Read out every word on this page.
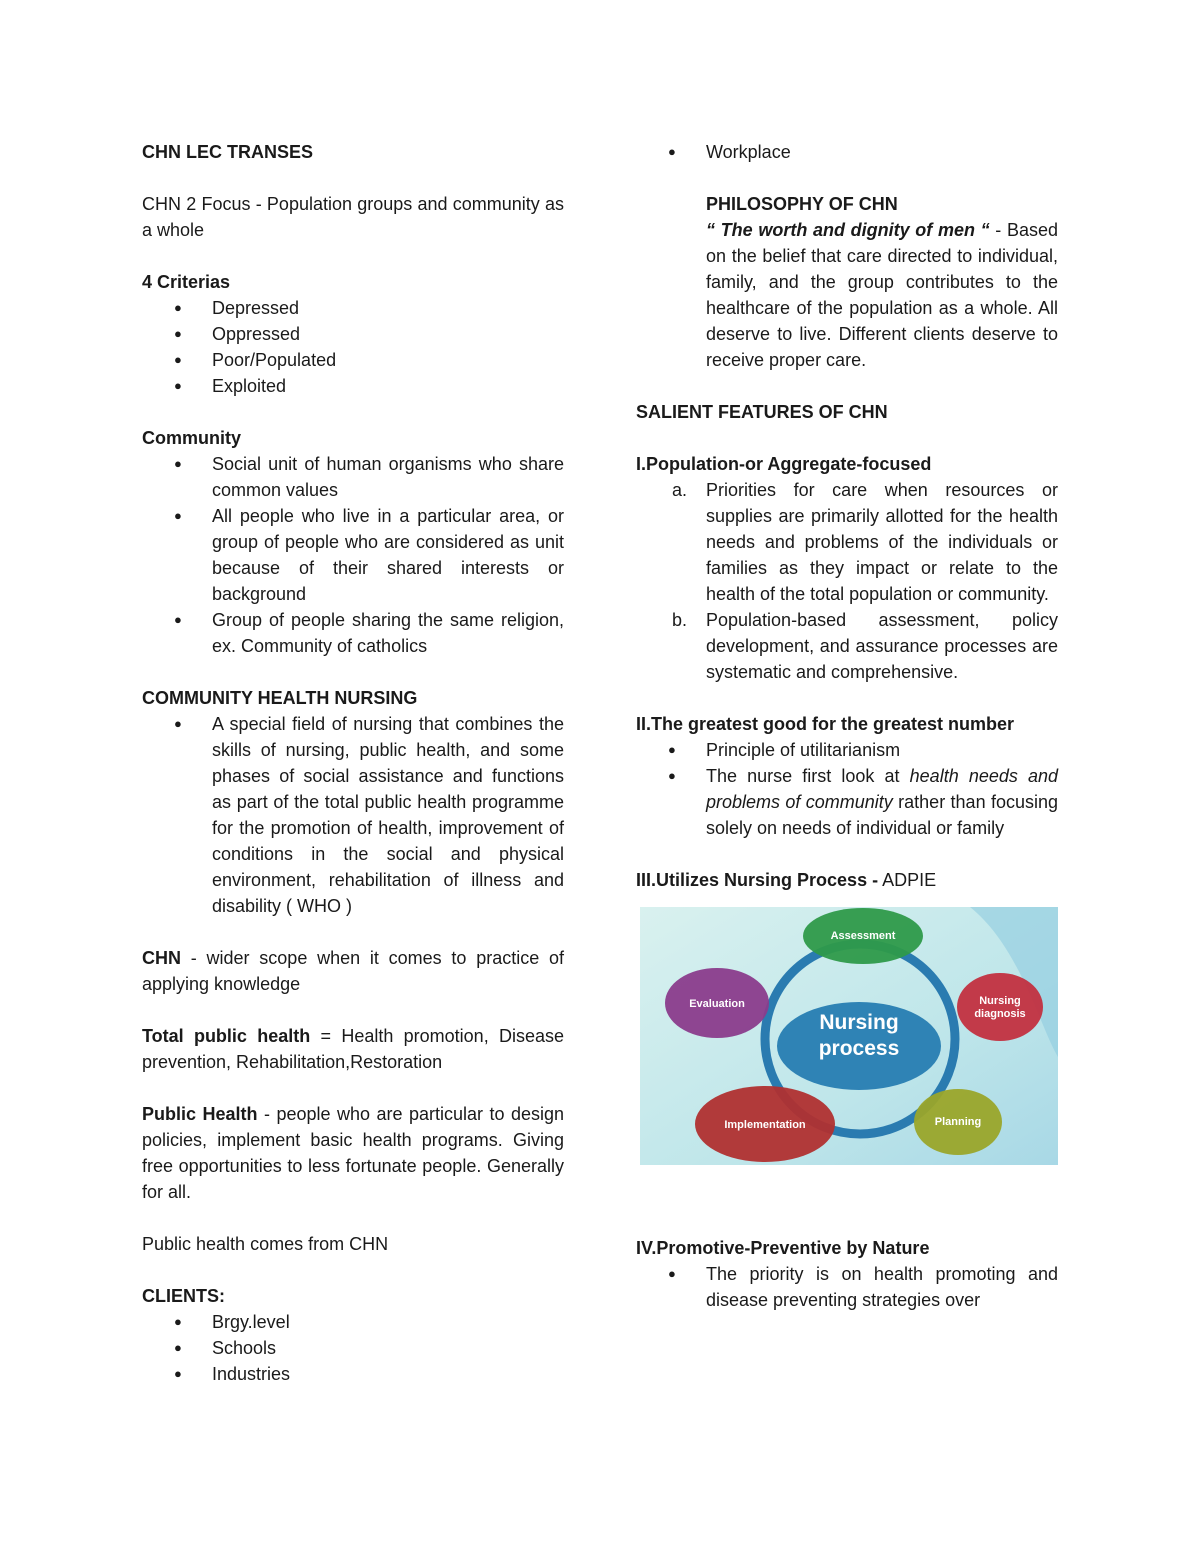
CHN LEC TRANSES

CHN 2 Focus - Population groups and community as a whole

4 Criterias

● Depressed
● Oppressed
● Poor/Populated
● Exploited

Community

● Social unit of human organisms who share common values
● All people who live in a particular area, or group of people who are considered as unit because of their shared interests or background
● Group of people sharing the same religion, ex. Community of catholics

COMMUNITY HEALTH NURSING

● A special field of nursing that combines the skills of nursing, public health, and some phases of social assistance and functions as part of the total public health programme for the promotion of health, improvement of conditions in the social and physical environment, rehabilitation of illness and disability ( WHO )

CHN - wider scope when it comes to practice of applying knowledge

Total public health = Health promotion, Disease prevention, Rehabilitation,Restoration

Public Health - people who are particular to design policies, implement basic health programs. Giving free opportunities to less fortunate people. Generally for all.

Public health comes from CHN

CLIENTS:

● Brgy.level
● Schools
● Industries
● Workplace

PHILOSOPHY OF CHN

“ The worth and dignity of men “ - Based on the belief that care directed to individual, family, and the group contributes to the healthcare of the population as a whole. All deserve to live. Different clients deserve to receive proper care.

SALIENT FEATURES OF CHN

I.Population-or Aggregate-focused

a. Priorities for care when resources or supplies are primarily allotted for the health needs and problems of the individuals or families as they impact or relate to the health of the total population or community.
b. Population-based assessment, policy development, and assurance processes are systematic and comprehensive.

II.The greatest good for the greatest number

● Principle of utilitarianism
● The nurse first look at health needs and problems of community rather than focusing solely on needs of individual or family

III.Utilizes Nursing Process - ADPIE

Nursing
process
Assessment
Nursing
diagnosis
Planning
Implementation
Evaluation

IV.Promotive-Preventive by Nature

● The priority is on health promoting and disease preventing strategies over
